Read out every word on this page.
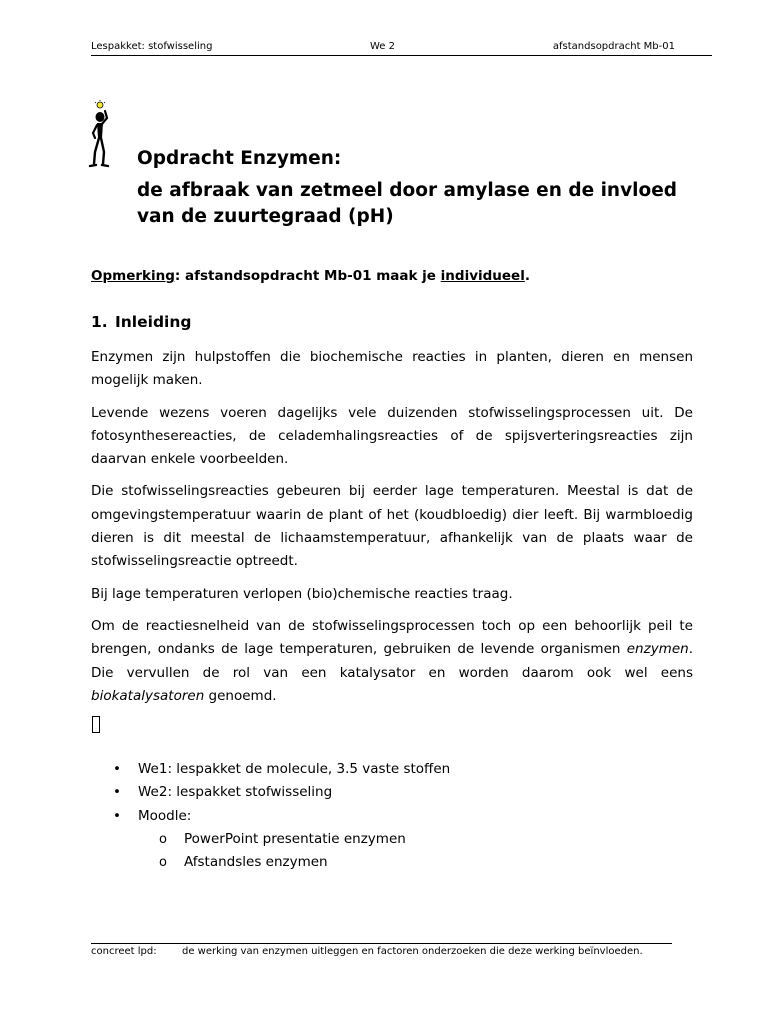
Lespakket: stofwisseling	We 2	afstandsopdracht Mb-01
Opdracht Enzymen:
de afbraak van zetmeel door amylase en de invloed van de zuurtegraad (pH)
Opmerking: afstandsopdracht Mb-01 maak je individueel.
1. Inleiding

Enzymen zijn hulpstoffen die biochemische reacties in planten, dieren en mensen mogelijk maken.

Levende wezens voeren dagelijks vele duizenden stofwisselingsprocessen uit. De fotosynthesereacties, de celademhalingsreacties of de spijsverteringsreacties zijn daarvan enkele voorbeelden.

Die stofwisselingsreacties gebeuren bij eerder lage temperaturen. Meestal is dat de omgevingstemperatuur waarin de plant of het (koudbloedig) dier leeft. Bij warmbloedig dieren is dit meestal de lichaamstemperatuur, afhankelijk van de plaats waar de stofwisselingsreactie optreedt.

Bij lage temperaturen verlopen (bio)chemische reacties traag.

Om de reactiesnelheid van de stofwisselingsprocessen toch op een behoorlijk peil te brengen, ondanks de lage temperaturen, gebruiken de levende organismen enzymen. Die vervullen de rol van een katalysator en worden daarom ook wel eens biokatalysatoren genoemd.

•	We1: lespakket de molecule, 3.5 vaste stoffen
•	We2: lespakket stofwisseling
•	Moodle:
o	PowerPoint presentatie enzymen
o	Afstandsles enzymen
concreet lpd:	de werking van enzymen uitleggen en factoren onderzoeken die deze werking beïnvloeden.
